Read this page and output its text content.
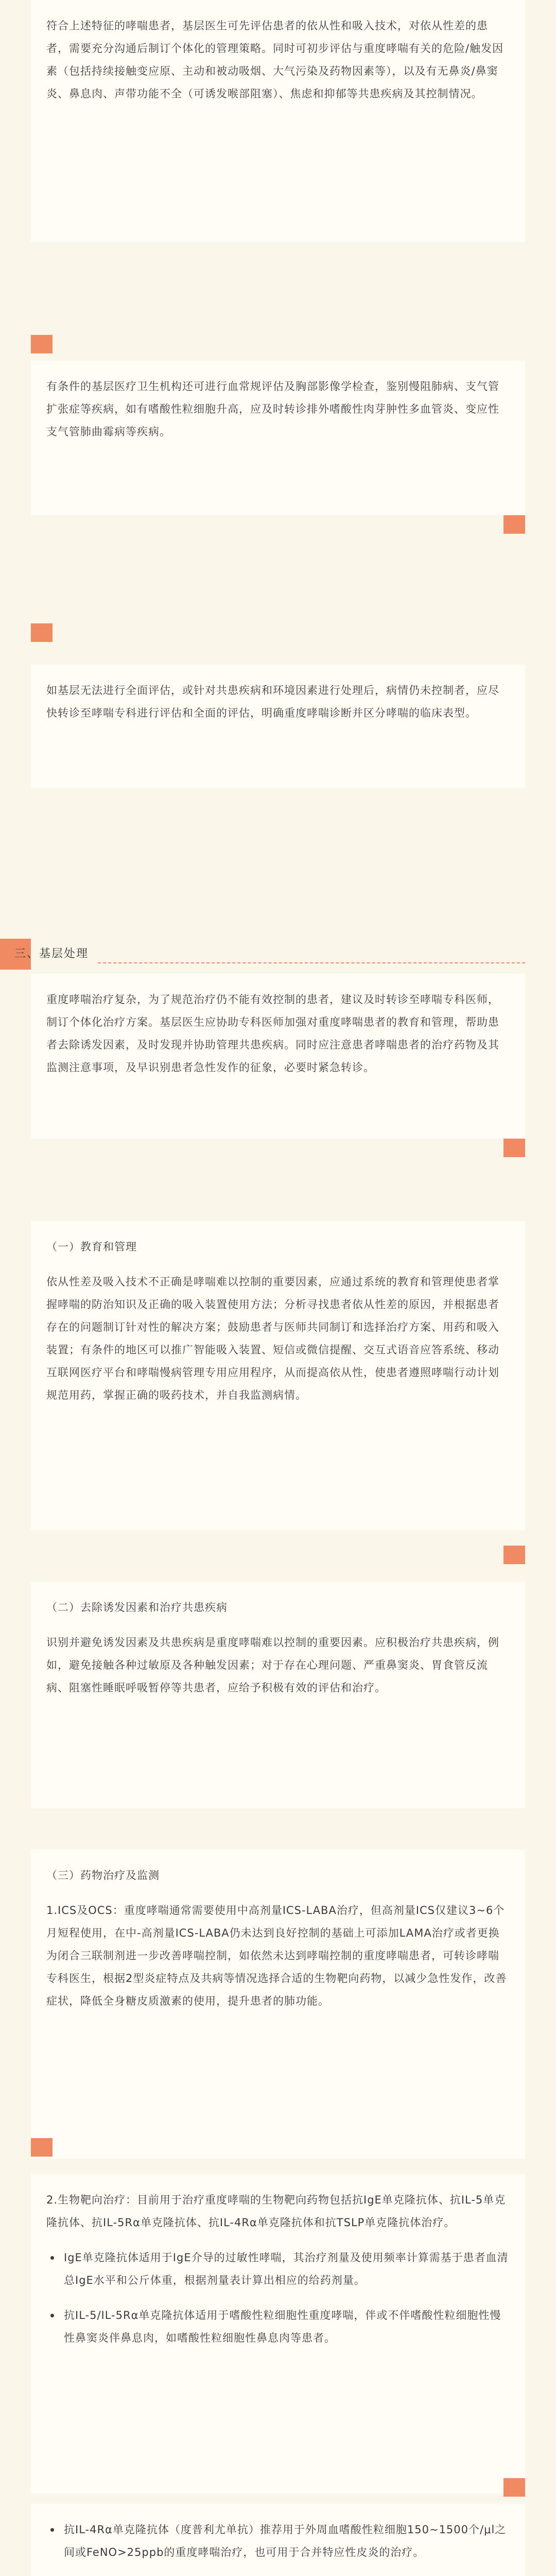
符合上述特征的哮喘患者，基层医生可先评估患者的依从性和吸入技术，对依从性差的患者，需要充分沟通后制订个体化的管理策略。同时可初步评估与重度哮喘有关的危险/触发因素（包括持续接触变应原、主动和被动吸烟、大气污染及药物因素等），以及有无鼻炎/鼻窦炎、鼻息肉、声带功能不全（可诱发喉部阻塞）、焦虑和抑郁等共患疾病及其控制情况。

有条件的基层医疗卫生机构还可进行血常规评估及胸部影像学检查，鉴别慢阻肺病、支气管扩张症等疾病，如有嗜酸性粒细胞升高，应及时转诊排外嗜酸性肉芽肿性多血管炎、变应性支气管肺曲霉病等疾病。

如基层无法进行全面评估，或针对共患疾病和环境因素进行处理后，病情仍未控制者，应尽快转诊至哮喘专科进行评估和全面的评估，明确重度哮喘诊断并区分哮喘的临床表型。

三、基层处理

重度哮喘治疗复杂，为了规范治疗仍不能有效控制的患者，建议及时转诊至哮喘专科医师，制订个体化治疗方案。基层医生应协助专科医师加强对重度哮喘患者的教育和管理，帮助患者去除诱发因素，及时发现并协助管理共患疾病。同时应注意患者哮喘患者的治疗药物及其监测注意事项，及早识别患者急性发作的征象，必要时紧急转诊。

（一）教育和管理

依从性差及吸入技术不正确是哮喘难以控制的重要因素，应通过系统的教育和管理使患者掌握哮喘的防治知识及正确的吸入装置使用方法；分析寻找患者依从性差的原因，并根据患者存在的问题制订针对性的解决方案；鼓励患者与医师共同制订和选择治疗方案、用药和吸入装置；有条件的地区可以推广智能吸入装置、短信或微信提醒、交互式语音应答系统、移动互联网医疗平台和哮喘慢病管理专用应用程序，从而提高依从性，使患者遵照哮喘行动计划规范用药，掌握正确的吸药技术，并自我监测病情。

（二）去除诱发因素和治疗共患疾病

识别并避免诱发因素及共患疾病是重度哮喘难以控制的重要因素。应积极治疗共患疾病，例如，避免接触各种过敏原及各种触发因素；对于存在心理问题、严重鼻窦炎、胃食管反流病、阻塞性睡眠呼吸暂停等共患者，应给予积极有效的评估和治疗。

（三）药物治疗及监测

1.ICS及OCS：重度哮喘通常需要使用中高剂量ICS-LABA治疗，但高剂量ICS仅建议3~6个月短程使用，在中-高剂量ICS-LABA仍未达到良好控制的基础上可添加LAMA治疗或者更换为闭合三联制剂进一步改善哮喘控制，如依然未达到哮喘控制的重度哮喘患者，可转诊哮喘专科医生，根据2型炎症特点及共病等情况选择合适的生物靶向药物，以减少急性发作，改善症状，降低全身糖皮质激素的使用，提升患者的肺功能。

2.生物靶向治疗：目前用于治疗重度哮喘的生物靶向药物包括抗IgE单克隆抗体、抗IL-5单克隆抗体、抗IL-5Rα单克隆抗体、抗IL-4Rα单克隆抗体和抗TSLP单克隆抗体治疗。

IgE单克隆抗体适用于IgE介导的过敏性哮喘，其治疗剂量及使用频率计算需基于患者血清总IgE水平和公斤体重，根据剂量表计算出相应的给药剂量。

抗IL-5/IL-5Rα单克隆抗体适用于嗜酸性粒细胞性重度哮喘，伴或不伴嗜酸性粒细胞性慢性鼻窦炎伴鼻息肉，如嗜酸性粒细胞性鼻息肉等患者。

抗IL-4Rα单克隆抗体（度普利尤单抗）推荐用于外周血嗜酸性粒细胞150~1500个/μl之间或FeNO>25ppb的重度哮喘治疗，也可用于合并特应性皮炎的治疗。
